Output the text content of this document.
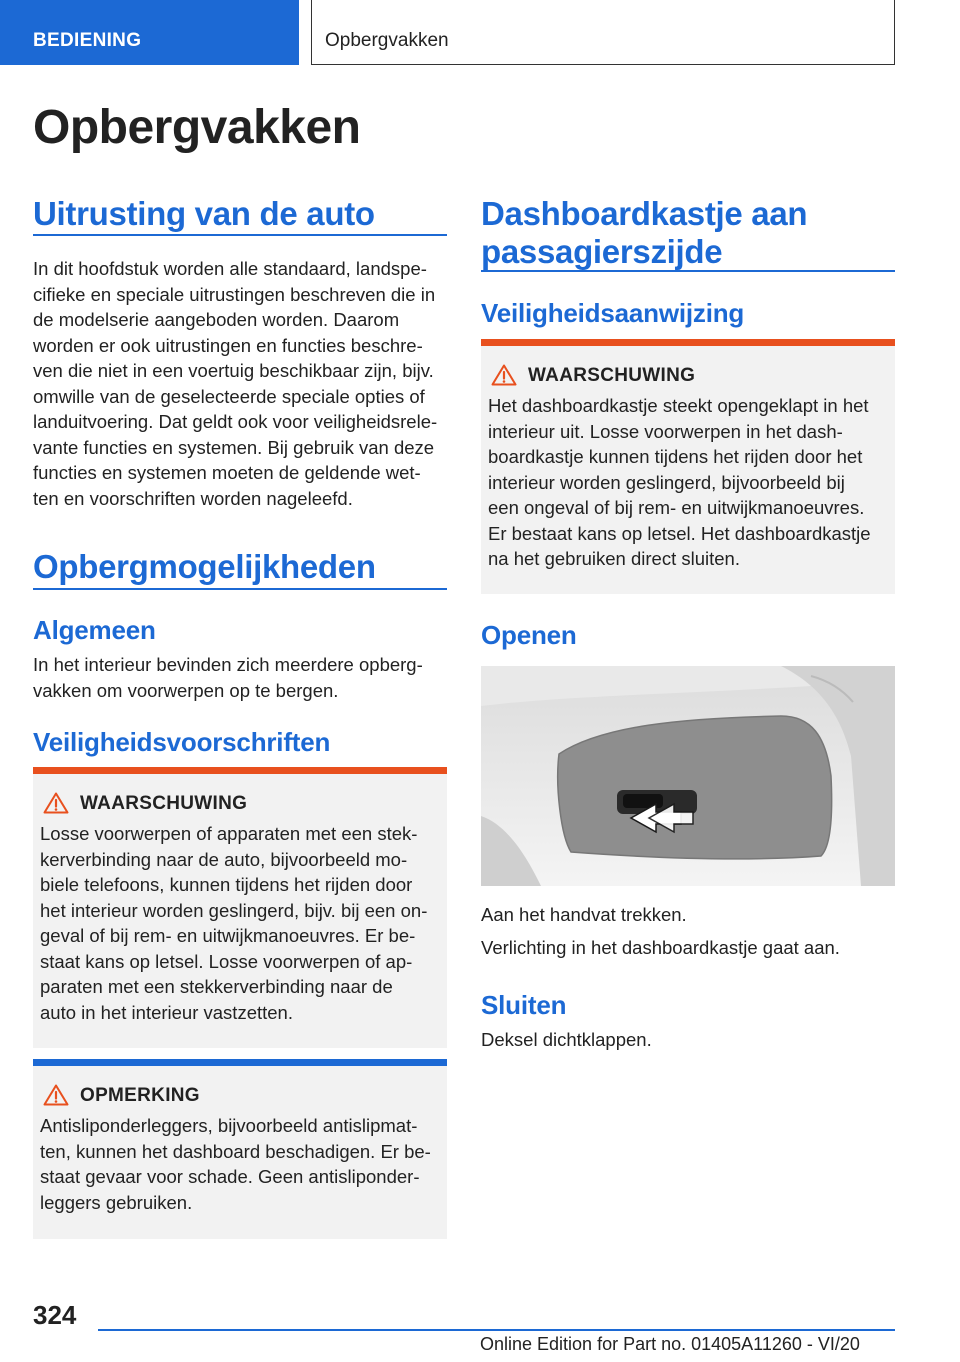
BEDIENING	Opbergvakken
Opbergvakken
Uitrusting van de auto
In dit hoofdstuk worden alle standaard, landspe-
cifieke en speciale uitrustingen beschreven die in
de modelserie aangeboden worden. Daarom
worden er ook uitrustingen en functies beschre-
ven die niet in een voertuig beschikbaar zijn, bijv.
omwille van de geselecteerde speciale opties of
landuitvoering. Dat geldt ook voor veiligheidsrele-
vante functies en systemen. Bij gebruik van deze
functies en systemen moeten de geldende wet-
ten en voorschriften worden nageleefd.
Opbergmogelijkheden
Algemeen
In het interieur bevinden zich meerdere opberg-
vakken om voorwerpen op te bergen.
Veiligheidsvoorschriften
WAARSCHUWING
Losse voorwerpen of apparaten met een stek-
kerverbinding naar de auto, bijvoorbeeld mo-
biele telefoons, kunnen tijdens het rijden door
het interieur worden geslingerd, bijv. bij een on-
geval of bij rem- en uitwijkmanoeuvres. Er be-
staat kans op letsel. Losse voorwerpen of ap-
paraten met een stekkerverbinding naar de
auto in het interieur vastzetten.
OPMERKING
Antisliponderleggers, bijvoorbeeld antislipmat-
ten, kunnen het dashboard beschadigen. Er be-
staat gevaar voor schade. Geen antisliponder-
leggers gebruiken.
Dashboardkastje aan
passagierszijde
Veiligheidsaanwijzing
WAARSCHUWING
Het dashboardkastje steekt opengeklapt in het
interieur uit. Losse voorwerpen in het dash-
boardkastje kunnen tijdens het rijden door het
interieur worden geslingerd, bijvoorbeeld bij
een ongeval of bij rem- en uitwijkmanoeuvres.
Er bestaat kans op letsel. Het dashboardkastje
na het gebruiken direct sluiten.
Openen
Aan het handvat trekken.
Verlichting in het dashboardkastje gaat aan.
Sluiten
Deksel dichtklappen.
324
Online Edition for Part no. 01405A11260 - VI/20
